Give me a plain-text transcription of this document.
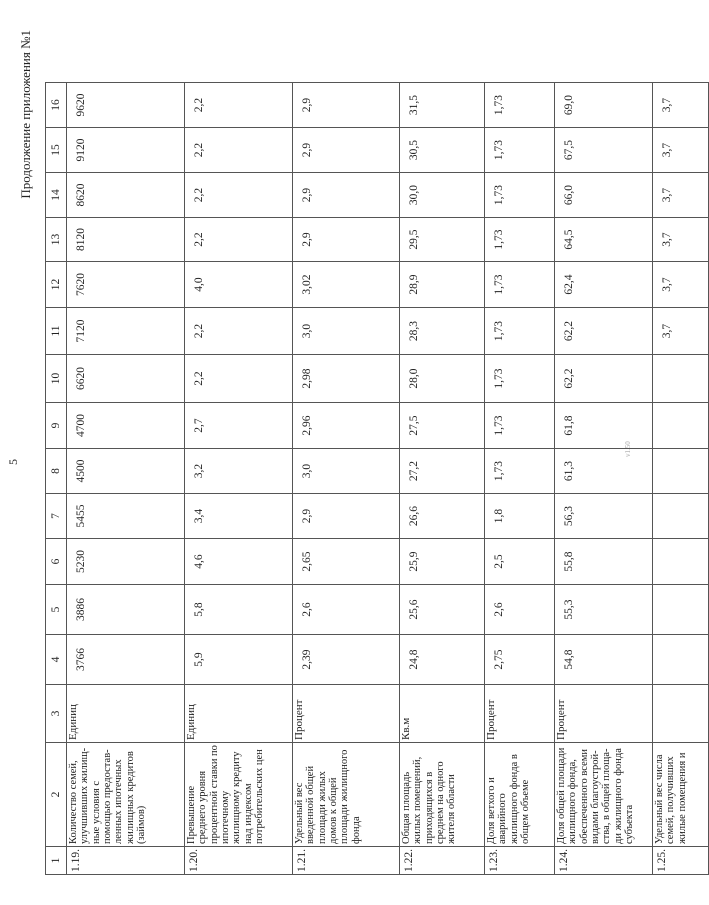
5
Продолжение приложения №1
v1.50
1	2	3	4	5	6	7	8	9	10	11	12	13	14	15	16
1.19.	Количество семей, улучшивших жилищ-ные условия с помощью предостав-ленных ипотечных жилищных кредитов (займов)	Единиц	3766	3886	5230	5455	4500	4700	6620	7120	7620	8120	8620	9120	9620
1.20.	Превышение среднего уровня процентной ставки по ипотечному жилищному кредиту над индексом потребительских цен	Единиц	5,9	5,8	4,6	3,4	3,2	2,7	2,2	2,2	4,0	2,2	2,2	2,2	2,2
1.21.	Удельный вес введенной общей площади жилых домов к общей площади жилищного фонда	Процент	2,39	2,6	2,65	2,9	3,0	2,96	2,98	3,0	3,02	2,9	2,9	2,9	2,9
1.22.	Общая площадь жилых помещений, приходящихся в среднем на одного жителя области	Кв.м	24,8	25,6	25,9	26,6	27,2	27,5	28,0	28,3	28,9	29,5	30,0	30,5	31,5
1.23.	Доля ветхого и аварийного жилищного фонда в общем объеме	Процент	2,75	2,6	2,5	1,8	1,73	1,73	1,73	1,73	1,73	1,73	1,73	1,73	1,73
1.24.	Доля общей площади жилищного фонда, обеспеченного всеми видами благоустрой-ства, в общей площа-ди жилищного фонда субъекта	Процент	54,8	55,3	55,8	56,3	61,3	61,8	62,2	62,2	62,4	64,5	66,0	67,5	69,0
1.25.	Удельный вес числа семей, получивших жилые помещения и									3,7	3,7	3,7	3,7	3,7	3,7
